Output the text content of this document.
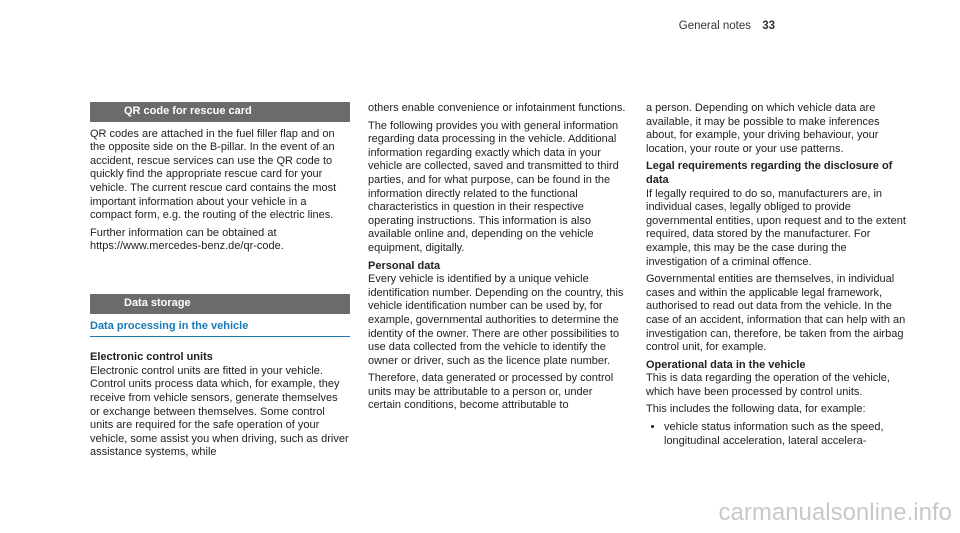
General notes 33
QR code for rescue card

QR codes are attached in the fuel filler flap and on the opposite side on the B-pillar. In the event of an accident, rescue services can use the QR code to quickly find the appropriate rescue card for your vehicle. The current rescue card contains the most important information about your vehicle in a compact form, e.g. the routing of the electric lines.

Further information can be obtained at https://www.mercedes-benz.de/qr-code.

Data storage
Data processing in the vehicle
Electronic control units

Electronic control units are fitted in your vehicle. Control units process data which, for example, they receive from vehicle sensors, generate themselves or exchange between themselves. Some control units are required for the safe operation of your vehicle, some assist you when driving, such as driver assistance systems, while

others enable convenience or infotainment functions.

The following provides you with general information regarding data processing in the vehicle. Additional information regarding exactly which data in your vehicle are collected, saved and transmitted to third parties, and for what purpose, can be found in the information directly related to the functional characteristics in question in their respective operating instructions. This information is also available online and, depending on the vehicle equipment, digitally.

Personal data

Every vehicle is identified by a unique vehicle identification number. Depending on the country, this vehicle identification number can be used by, for example, governmental authorities to determine the identity of the owner. There are other possibilities to use data collected from the vehicle to identify the owner or driver, such as the licence plate number.

Therefore, data generated or processed by control units may be attributable to a person or, under certain conditions, become attributable to

a person. Depending on which vehicle data are available, it may be possible to make inferences about, for example, your driving behaviour, your location, your route or your use patterns.

Legal requirements regarding the disclosure of data

If legally required to do so, manufacturers are, in individual cases, legally obliged to provide governmental entities, upon request and to the extent required, data stored by the manufacturer. For example, this may be the case during the investigation of a criminal offence.

Governmental entities are themselves, in individual cases and within the applicable legal framework, authorised to read out data from the vehicle. In the case of an accident, information that can help with an investigation can, therefore, be taken from the airbag control unit, for example.

Operational data in the vehicle

This is data regarding the operation of the vehicle, which have been processed by control units.

This includes the following data, for example:

• vehicle status information such as the speed, longitudinal acceleration, lateral accelera-
carmanualsonline.info
